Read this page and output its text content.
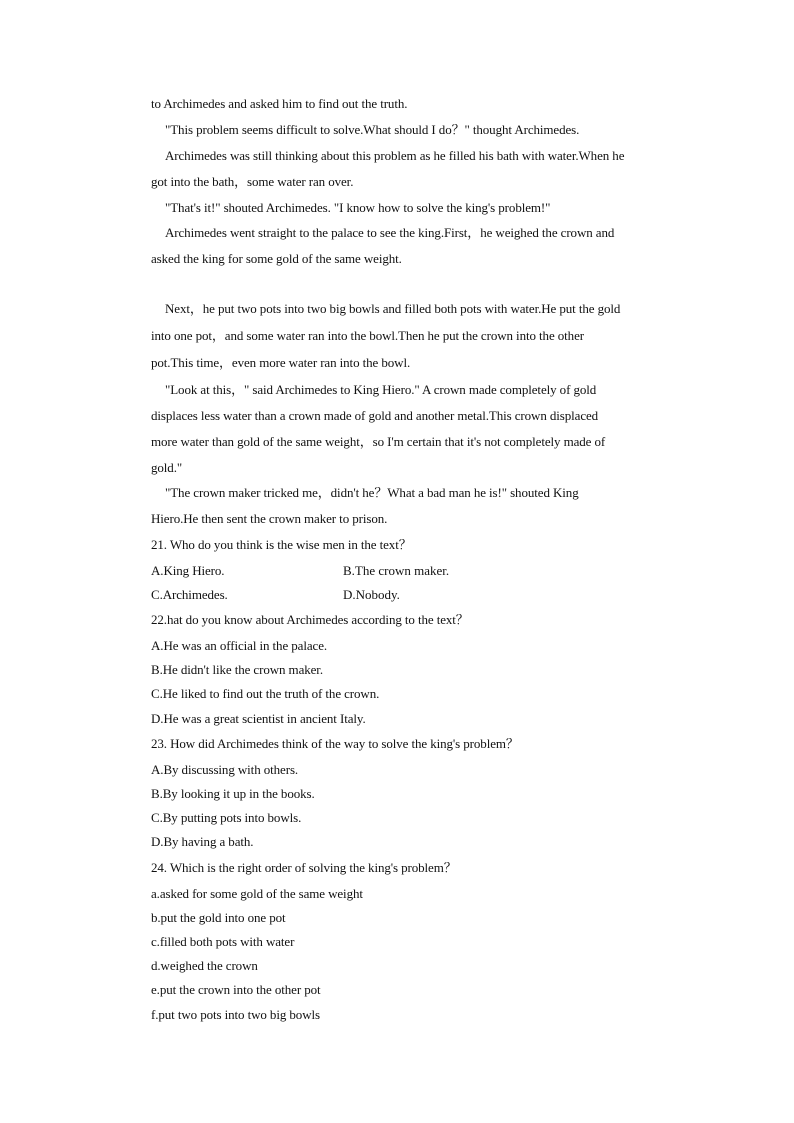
to Archimedes and asked him to find out the truth.
"This problem seems difficult to solve.What should I do？" thought Archimedes.
Archimedes was still thinking about this problem as he filled his bath with water.When he
got into the bath，some water ran over.
"That's it!" shouted Archimedes. "I know how to solve the king's problem!"
Archimedes went straight to the palace to see the king.First，he weighed the crown and
asked the king for some gold of the same weight.
Next，he put two pots into two big bowls and filled both pots with water.He put the gold
into one pot，and some water ran into the bowl.Then he put the crown into the other
pot.This time，even more water ran into the bowl.
"Look at this，" said Archimedes to King Hiero." A crown made completely of gold
displaces less water than a crown made of gold and another metal.This crown displaced
more water than gold of the same weight，so I'm certain that it's not completely made of
gold."
"The crown maker tricked me，didn't he？What a bad man he is!" shouted King
Hiero.He then sent the crown maker to prison.
21. Who do you think is the wise men in the text？
A.King Hiero.	B.The crown maker.
C.Archimedes.	D.Nobody.
22.hat do you know about Archimedes according to the text？
A.He was an official in the palace.
B.He didn't like the crown maker.
C.He liked to find out the truth of the crown.
D.He was a great scientist in ancient Italy.
23. How did Archimedes think of the way to solve the king's problem？
A.By discussing with others.
B.By looking it up in the books.
C.By putting pots into bowls.
D.By having a bath.
24. Which is the right order of solving the king's problem？
a.asked for some gold of the same weight
b.put the gold into one pot
c.filled both pots with water
d.weighed the crown
e.put the crown into the other pot
f.put two pots into two big bowls
